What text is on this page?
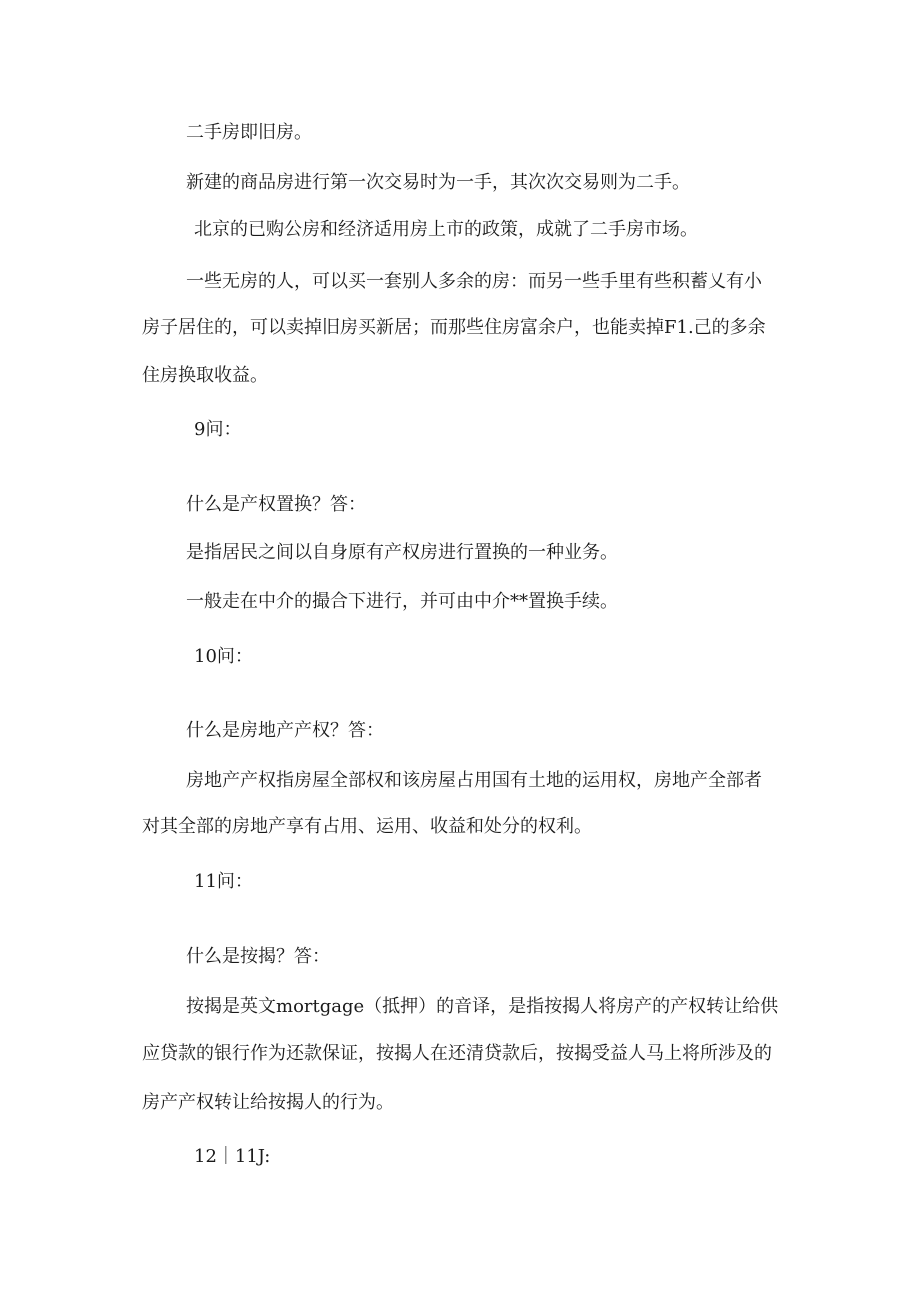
二手房即旧房。

新建的商品房进行第一次交易时为一手，其次次交易则为二手。

北京的已购公房和经济适用房上市的政策，成就了二手房市场。

一些无房的人，可以买一套别人多余的房：而另一些手里有些积蓄乂有小

房子居住的，可以卖掉旧房买新居；而那些住房富余户，也能卖掉F1.己的多余

住房换取收益。

9问：

什么是产权置换？答：

是指居民之间以自身原有产权房进行置换的一种业务。

一般走在中介的撮合下进行，并可由中介**置换手续。

10问：

什么是房地产产权？答：

房地产产权指房屋全部权和该房屋占用国有土地的运用权，房地产全部者

对其全部的房地产享有占用、运用、收益和处分的权利。

11问：

什么是按揭？答：

按揭是英文mortgage（抵押）的音译，是指按揭人将房产的产权转让给供

应贷款的银行作为还款保证，按揭人在还清贷款后，按揭受益人马上将所涉及的

房产产权转让给按揭人的行为。

12｜11J:
